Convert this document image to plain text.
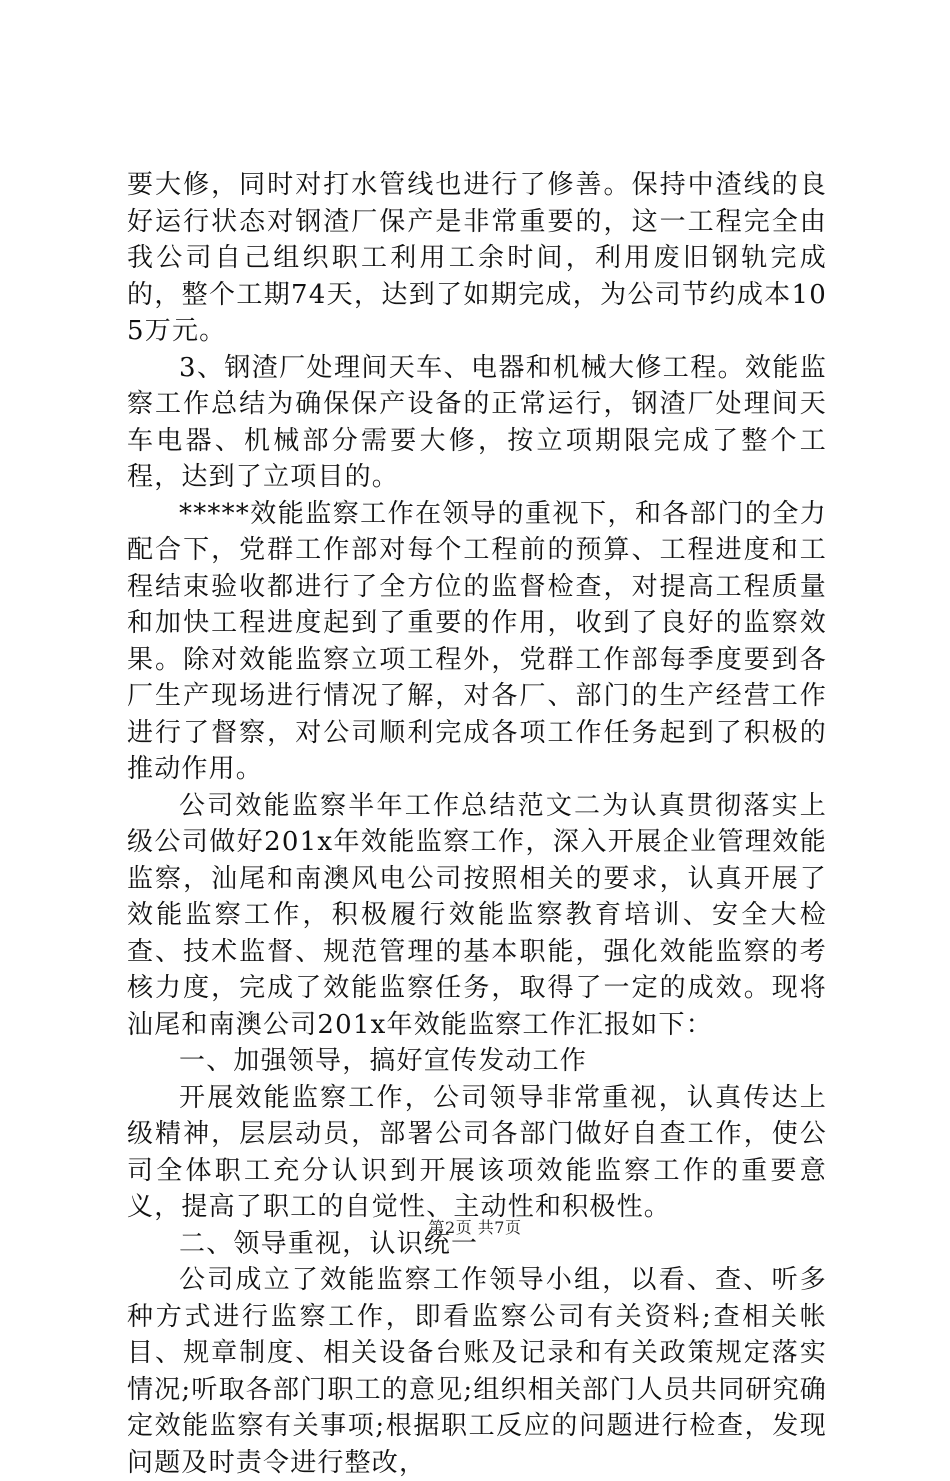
要大修，同时对打水管线也进行了修善。保持中渣线的良好运行状态对钢渣厂保产是非常重要的，这一工程完全由我公司自己组织职工利用工余时间，利用废旧钢轨完成的，整个工期74天，达到了如期完成，为公司节约成本105万元。

3、钢渣厂处理间天车、电器和机械大修工程。效能监察工作总结为确保保产设备的正常运行，钢渣厂处理间天车电器、机械部分需要大修，按立项期限完成了整个工程，达到了立项目的。

*****效能监察工作在领导的重视下，和各部门的全力配合下，党群工作部对每个工程前的预算、工程进度和工程结束验收都进行了全方位的监督检查，对提高工程质量和加快工程进度起到了重要的作用，收到了良好的监察效果。除对效能监察立项工程外，党群工作部每季度要到各厂生产现场进行情况了解，对各厂、部门的生产经营工作进行了督察，对公司顺利完成各项工作任务起到了积极的推动作用。

公司效能监察半年工作总结范文二为认真贯彻落实上级公司做好201x年效能监察工作，深入开展企业管理效能监察，汕尾和南澳风电公司按照相关的要求，认真开展了效能监察工作，积极履行效能监察教育培训、安全大检查、技术监督、规范管理的基本职能，强化效能监察的考核力度，完成了效能监察任务，取得了一定的成效。现将汕尾和南澳公司201x年效能监察工作汇报如下：

一、加强领导，搞好宣传发动工作

开展效能监察工作，公司领导非常重视，认真传达上级精神，层层动员，部署公司各部门做好自查工作，使公司全体职工充分认识到开展该项效能监察工作的重要意义，提高了职工的自觉性、主动性和积极性。

二、领导重视，认识统一

公司成立了效能监察工作领导小组，以看、查、听多种方式进行监察工作，即看监察公司有关资料;查相关帐目、规章制度、相关设备台账及记录和有关政策规定落实情况;听取各部门职工的意见;组织相关部门人员共同研究确定效能监察有关事项;根据职工反应的问题进行检查，发现问题及时责令进行整改，

第2页 共7页
